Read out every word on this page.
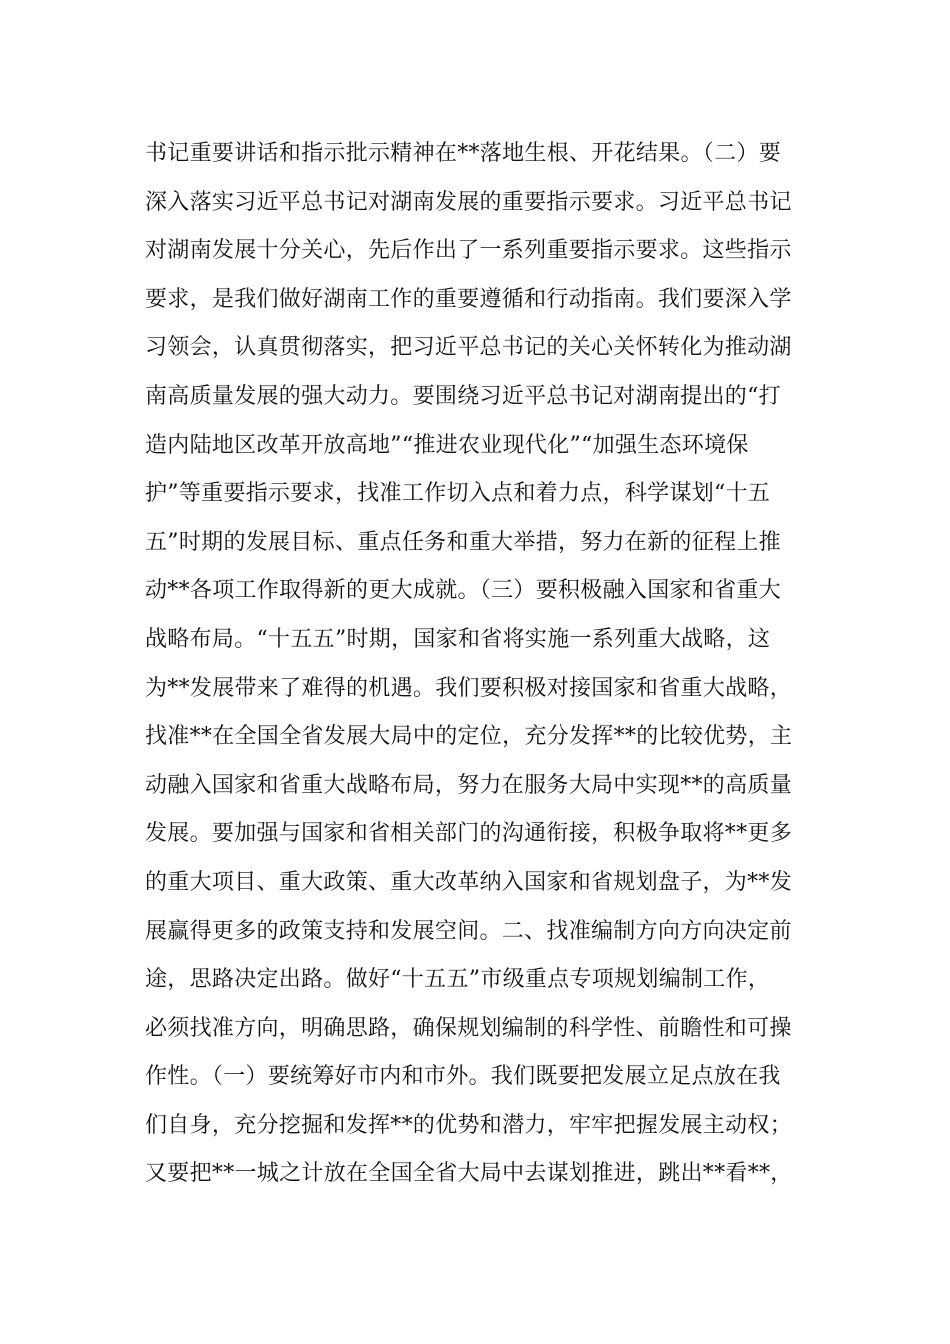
书记重要讲话和指示批示精神在**落地生根、开花结果。（二）要
深入落实习近平总书记对湖南发展的重要指示要求。习近平总书记
对湖南发展十分关心，先后作出了一系列重要指示要求。这些指示
要求，是我们做好湖南工作的重要遵循和行动指南。我们要深入学
习领会，认真贯彻落实，把习近平总书记的关心关怀转化为推动湖
南高质量发展的强大动力。要围绕习近平总书记对湖南提出的“打
造内陆地区改革开放高地”“推进农业现代化”“加强生态环境保
护”等重要指示要求，找准工作切入点和着力点，科学谋划“十五
五”时期的发展目标、重点任务和重大举措，努力在新的征程上推
动**各项工作取得新的更大成就。（三）要积极融入国家和省重大
战略布局。“十五五”时期，国家和省将实施一系列重大战略，这
为**发展带来了难得的机遇。我们要积极对接国家和省重大战略，
找准**在全国全省发展大局中的定位，充分发挥**的比较优势，主
动融入国家和省重大战略布局，努力在服务大局中实现**的高质量
发展。要加强与国家和省相关部门的沟通衔接，积极争取将**更多
的重大项目、重大政策、重大改革纳入国家和省规划盘子，为**发
展赢得更多的政策支持和发展空间。二、找准编制方向方向决定前
途，思路决定出路。做好“十五五”市级重点专项规划编制工作，
必须找准方向，明确思路，确保规划编制的科学性、前瞻性和可操
作性。（一）要统筹好市内和市外。我们既要把发展立足点放在我
们自身，充分挖掘和发挥**的优势和潜力，牢牢把握发展主动权；
又要把**一城之计放在全国全省大局中去谋划推进，跳出**看**，
